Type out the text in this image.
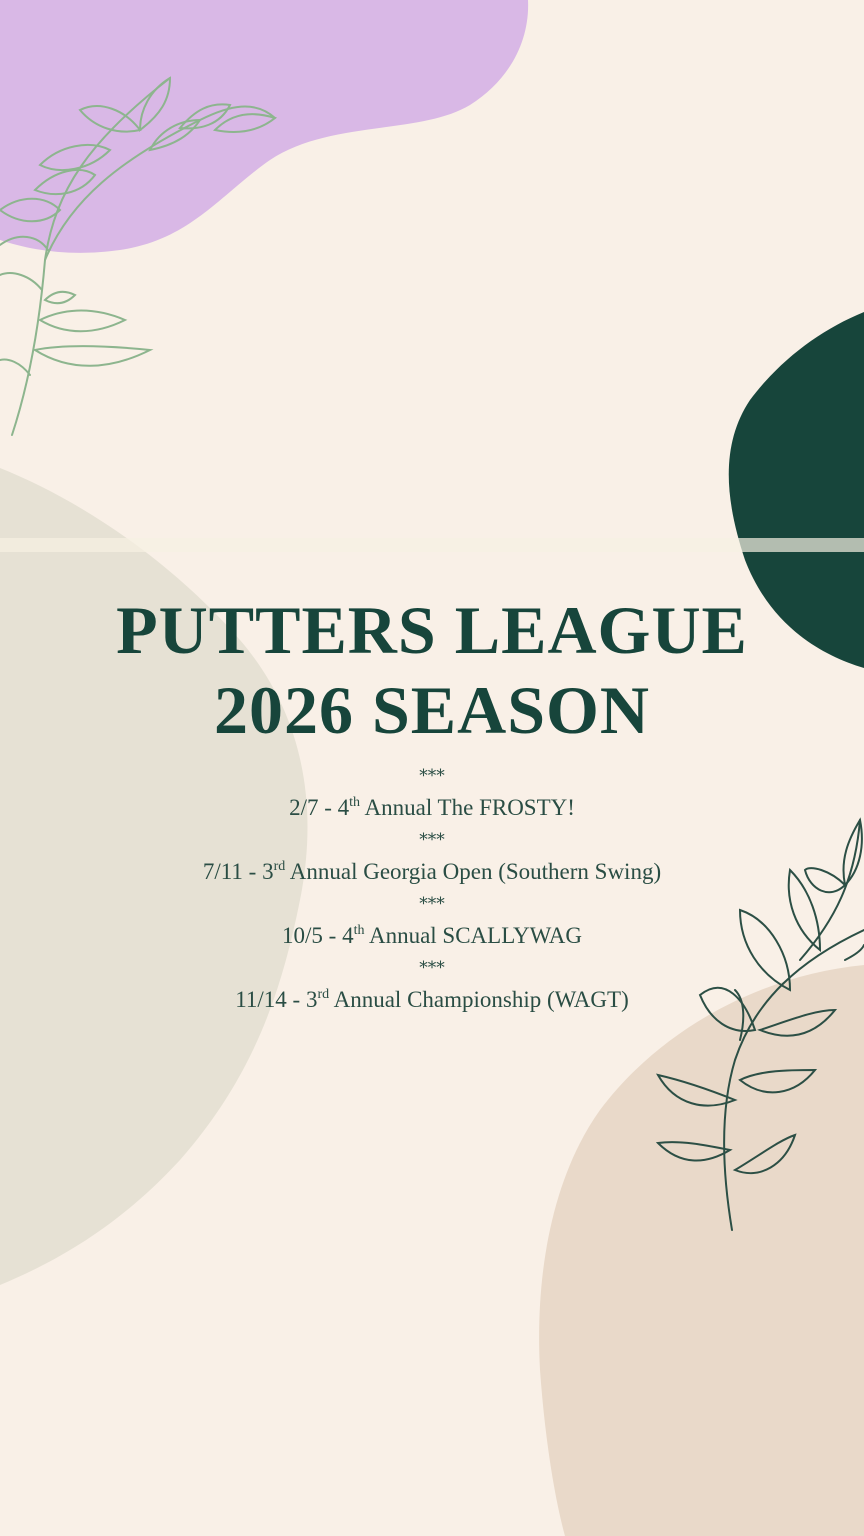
PUTTERS LEAGUE
2026 SEASON

***

2/7 - 4th Annual The FROSTY!

***

7/11 - 3rd Annual Georgia Open (Southern Swing)

***

10/5 - 4th Annual SCALLYWAG

***

11/14 - 3rd Annual Championship (WAGT)
